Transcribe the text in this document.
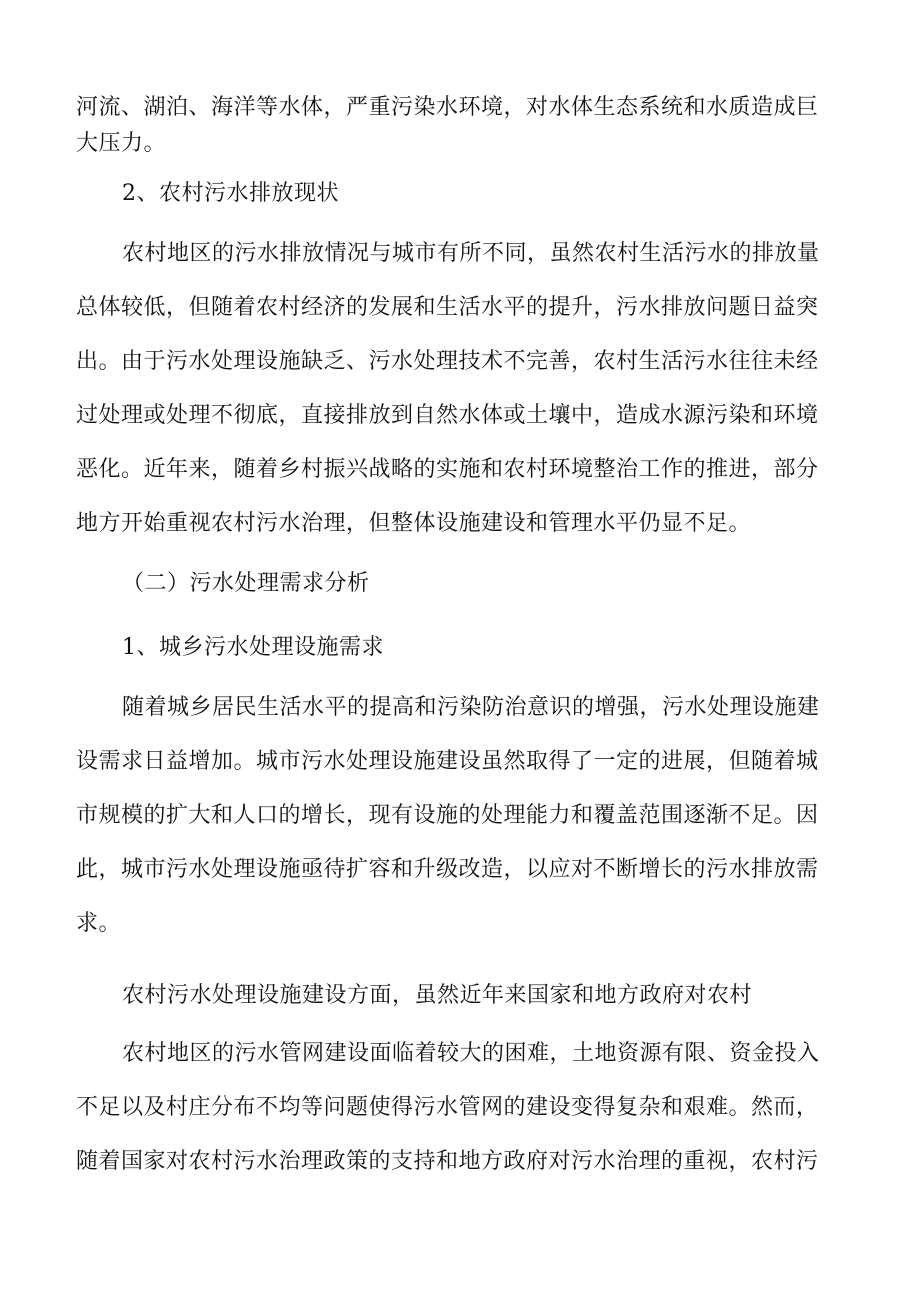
河流、湖泊、海洋等水体，严重污染水环境，对水体生态系统和水质造成巨
大压力。
2、农村污水排放现状
农村地区的污水排放情况与城市有所不同，虽然农村生活污水的排放量
总体较低，但随着农村经济的发展和生活水平的提升，污水排放问题日益突
出。由于污水处理设施缺乏、污水处理技术不完善，农村生活污水往往未经
过处理或处理不彻底，直接排放到自然水体或土壤中，造成水源污染和环境
恶化。近年来，随着乡村振兴战略的实施和农村环境整治工作的推进，部分
地方开始重视农村污水治理，但整体设施建设和管理水平仍显不足。
（二）污水处理需求分析
1、城乡污水处理设施需求
随着城乡居民生活水平的提高和污染防治意识的增强，污水处理设施建
设需求日益增加。城市污水处理设施建设虽然取得了一定的进展，但随着城
市规模的扩大和人口的增长，现有设施的处理能力和覆盖范围逐渐不足。因
此，城市污水处理设施亟待扩容和升级改造，以应对不断增长的污水排放需
求。
农村污水处理设施建设方面，虽然近年来国家和地方政府对农村
农村地区的污水管网建设面临着较大的困难，土地资源有限、资金投入
不足以及村庄分布不均等问题使得污水管网的建设变得复杂和艰难。然而，
随着国家对农村污水治理政策的支持和地方政府对污水治理的重视，农村污
